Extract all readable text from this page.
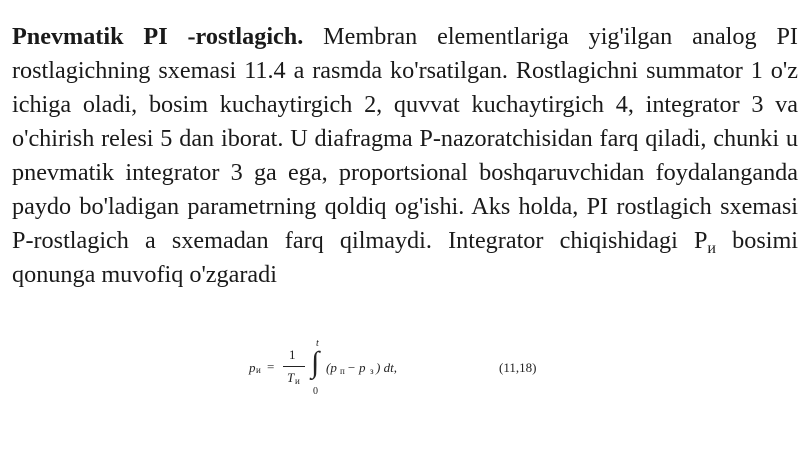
Pnevmatik PI -rostlagich. Membran elementlariga yig'ilgan analog PI rostlagichning sxemasi 11.4 a rasmda ko'rsatilgan. Rostlagichni summator 1 o'z ichiga oladi, bosim kuchaytirgich 2, quvvat kuchaytirgich 4, integrator 3 va o'chirish relesi 5 dan iborat. U diafragma P-nazoratchisidan farq qiladi, chunki u pnevmatik integrator 3 ga ega, proportsional boshqaruvchidan foydalanganda paydo bo'ladigan parametrning qoldiq og'ishi. Aks holda, PI rostlagich sxemasi P-rostlagich a sxemadan farq qilmaydi. Integrator chiqishidagi $P_и$ bosimi qonunga muvofiq o'zgaradi

p и =
1
T и
∫
t
0
(p п − p з ) dt,	(11,18)
